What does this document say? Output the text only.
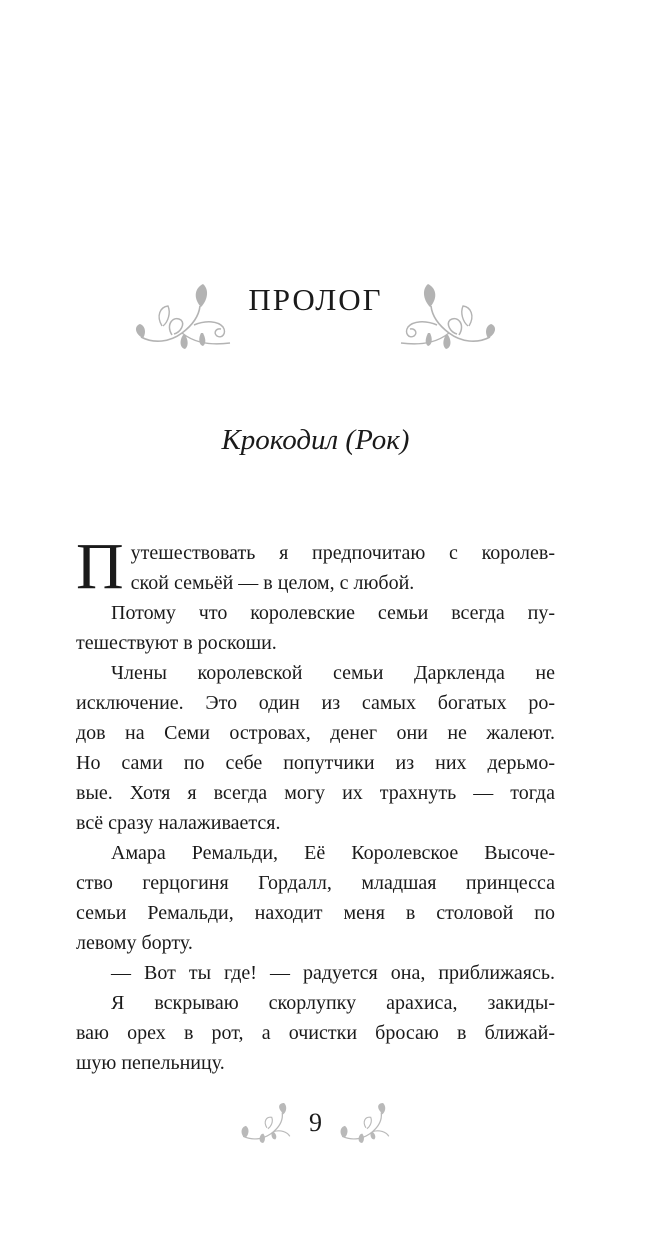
ПРОЛОГ
Крокодил (Рок)
П утешествовать я предпочитаю с королев-
ской семьёй — в целом, с любой.
Потому что королевские семьи всегда пу-
тешествуют в роскоши.
Члены королевской семьи Даркленда не
исключение. Это один из самых богатых ро-
дов на Семи островах, денег они не жалеют.
Но сами по себе попутчики из них дерьмо-
вые. Хотя я всегда могу их трахнуть — тогда
всё сразу налаживается.
Амара Ремальди, Её Королевское Высоче-
ство герцогиня Гордалл, младшая принцесса
семьи Ремальди, находит меня в столовой по
левому борту.
— Вот ты где! — радуется она, приближаясь.
Я вскрываю скорлупку арахиса, закиды-
ваю орех в рот, а очистки бросаю в ближай-
шую пепельницу.
9
